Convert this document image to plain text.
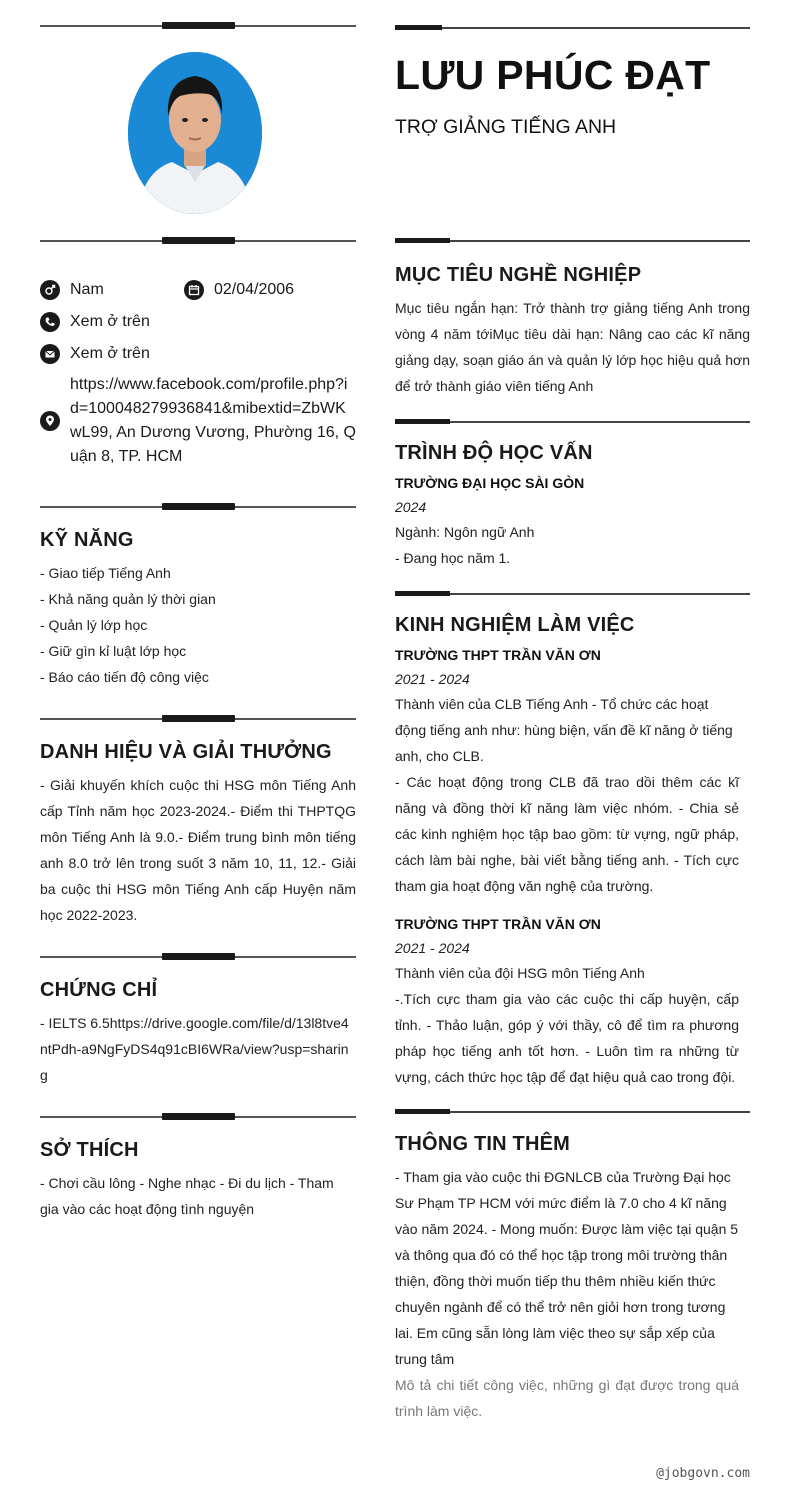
Nam	02/04/2006
Xem ở trên
Xem ở trên
https://www.facebook.com/profile.php?id=100048279936841&mibextid=ZbWKwL99, An Dương Vương, Phường 16, Quận 8, TP. HCM
KỸ NĂNG
- Giao tiếp Tiếng Anh
- Khả năng quản lý thời gian
- Quản lý lớp học
- Giữ gìn kỉ luật lớp học
- Báo cáo tiến độ công việc
DANH HIỆU VÀ GIẢI THƯỞNG
- Giải khuyến khích cuộc thi HSG môn Tiếng Anh cấp Tỉnh năm học 2023-2024.- Điểm thi THPTQG môn Tiếng Anh là 9.0.- Điểm trung bình môn tiếng anh 8.0 trở lên trong suốt 3 năm 10, 11, 12.- Giải ba cuộc thi HSG môn Tiếng Anh cấp Huyện năm học 2022-2023.
CHỨNG CHỈ
- IELTS 6.5https://drive.google.com/file/d/13l8tve4ntPdh-a9NgFyDS4q91cBI6WRa/view?usp=sharing
SỞ THÍCH
- Chơi cầu lông - Nghe nhạc - Đi du lịch - Tham gia vào các hoạt động tình nguyện
LƯU PHÚC ĐẠT
TRỢ GIẢNG TIẾNG ANH
MỤC TIÊU NGHỀ NGHIỆP
Mục tiêu ngắn hạn: Trở thành trợ giảng tiếng Anh trong vòng 4 năm tớiMục tiêu dài hạn: Nâng cao các kĩ năng giảng dạy, soạn giáo án và quản lý lớp học hiệu quả hơn để trở thành giáo viên tiếng Anh
TRÌNH ĐỘ HỌC VẤN
TRƯỜNG ĐẠI HỌC SÀI GÒN
2024
Ngành: Ngôn ngữ Anh
- Đang học năm 1.
KINH NGHIỆM LÀM VIỆC
TRƯỜNG THPT TRẦN VĂN ƠN
2021 - 2024
Thành viên của CLB Tiếng Anh - Tổ chức các hoạt động tiếng anh như: hùng biện, vấn đề kĩ năng ở tiếng anh, cho CLB.
- Các hoạt động trong CLB đã trao dồi thêm các kĩ năng và đồng thời kĩ năng làm việc nhóm. - Chia sẻ các kinh nghiệm học tập bao gồm: từ vựng, ngữ pháp, cách làm bài nghe, bài viết bằng tiếng anh. - Tích cực tham gia hoạt động văn nghệ của trường.
TRƯỜNG THPT TRẦN VĂN ƠN
2021 - 2024
Thành viên của đội HSG môn Tiếng Anh
-.Tích cực tham gia vào các cuộc thi cấp huyện, cấp tỉnh. - Thảo luận, góp ý với thầy, cô để tìm ra phương pháp học tiếng anh tốt hơn. - Luôn tìm ra những từ vựng, cách thức học tập để đạt hiệu quả cao trong đội.
THÔNG TIN THÊM
- Tham gia vào cuộc thi ĐGNLCB của Trường Đại học Sư Phạm TP HCM với mức điểm là 7.0 cho 4 kĩ năng vào năm 2024. - Mong muốn: Được làm việc tại quận 5 và thông qua đó có thể học tập trong môi trường thân thiện, đồng thời muốn tiếp thu thêm nhiều kiến thức chuyên ngành để có thể trở nên giỏi hơn trong tương lai. Em cũng sẵn lòng làm việc theo sự sắp xếp của trung tâm
Mô tả chi tiết công việc, những gì đạt được trong quá trình làm việc.
@jobgovn.com
